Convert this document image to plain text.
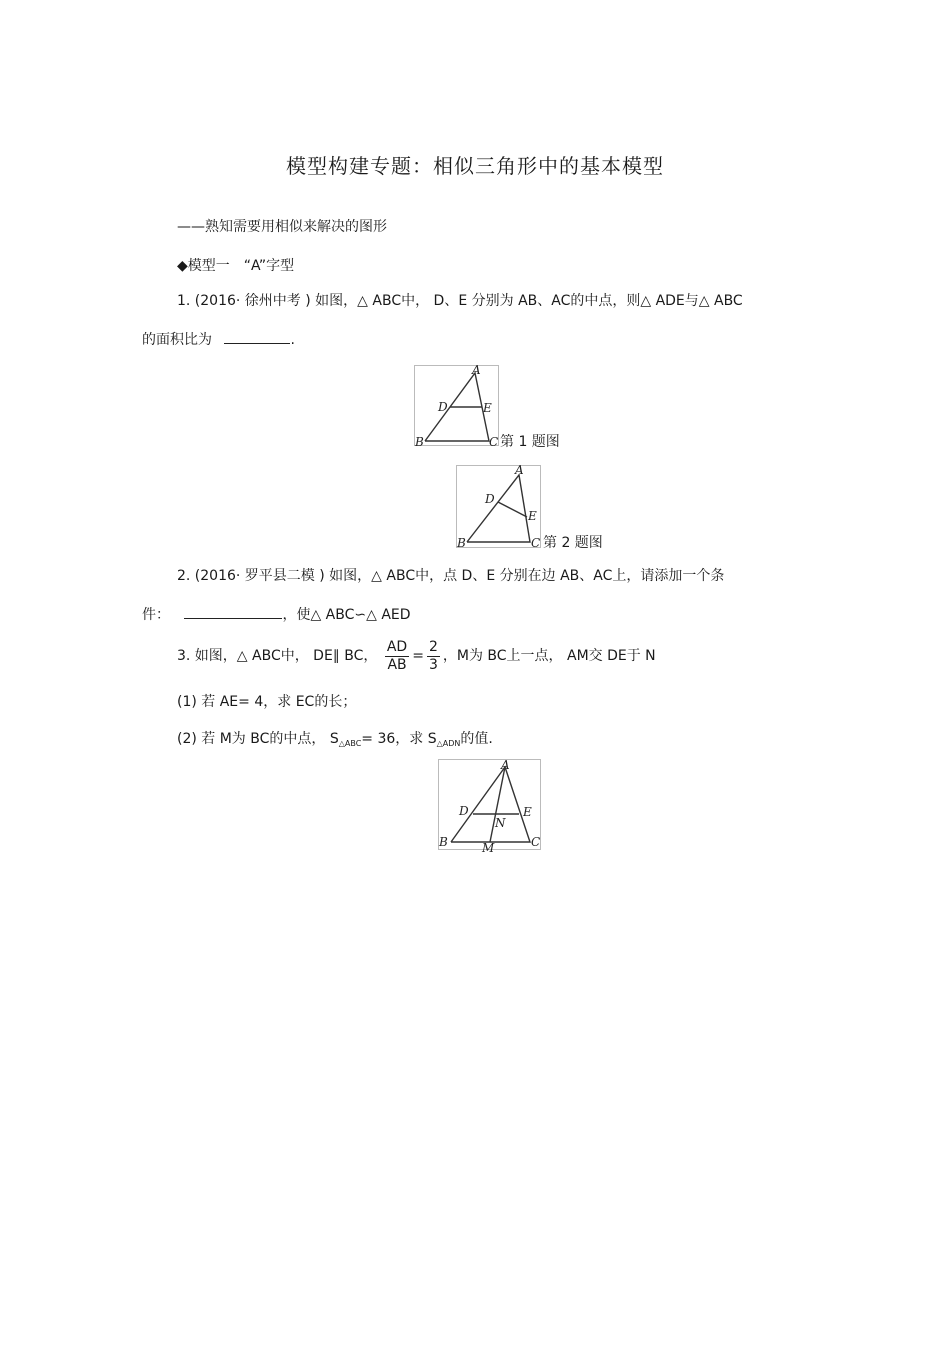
模型构建专题：相似三角形中的基本模型
——熟知需要用相似来解决的图形
◆模型一　“A”字型
1. (2016· 徐州中考 ) 如图，△ ABC中， D、E 分别为 AB、AC的中点，则△ ADE与△ ABC
的面积比为	.
A
D	E
B	C 第 1 题图
A
D
E
B	C 第 2 题图
2. (2016· 罗平县二模 ) 如图，△ ABC中，点 D、E 分别在边 AB、AC上，请添加一个条
件：	，使△ ABC∽△ AED
3. 如图，△ ABC中， DE∥ BC， $\frac{AD}{AB} = \frac{2}{3}$ ，M为 BC上一点， AM交 DE于 N
(1) 若 AE= 4，求 EC的长；
(2) 若 M为 BC的中点， $S_{\triangle ABC}= 36$，求 $S_{\triangle ADN}$的值.
A
D	E
N
B	C
M
